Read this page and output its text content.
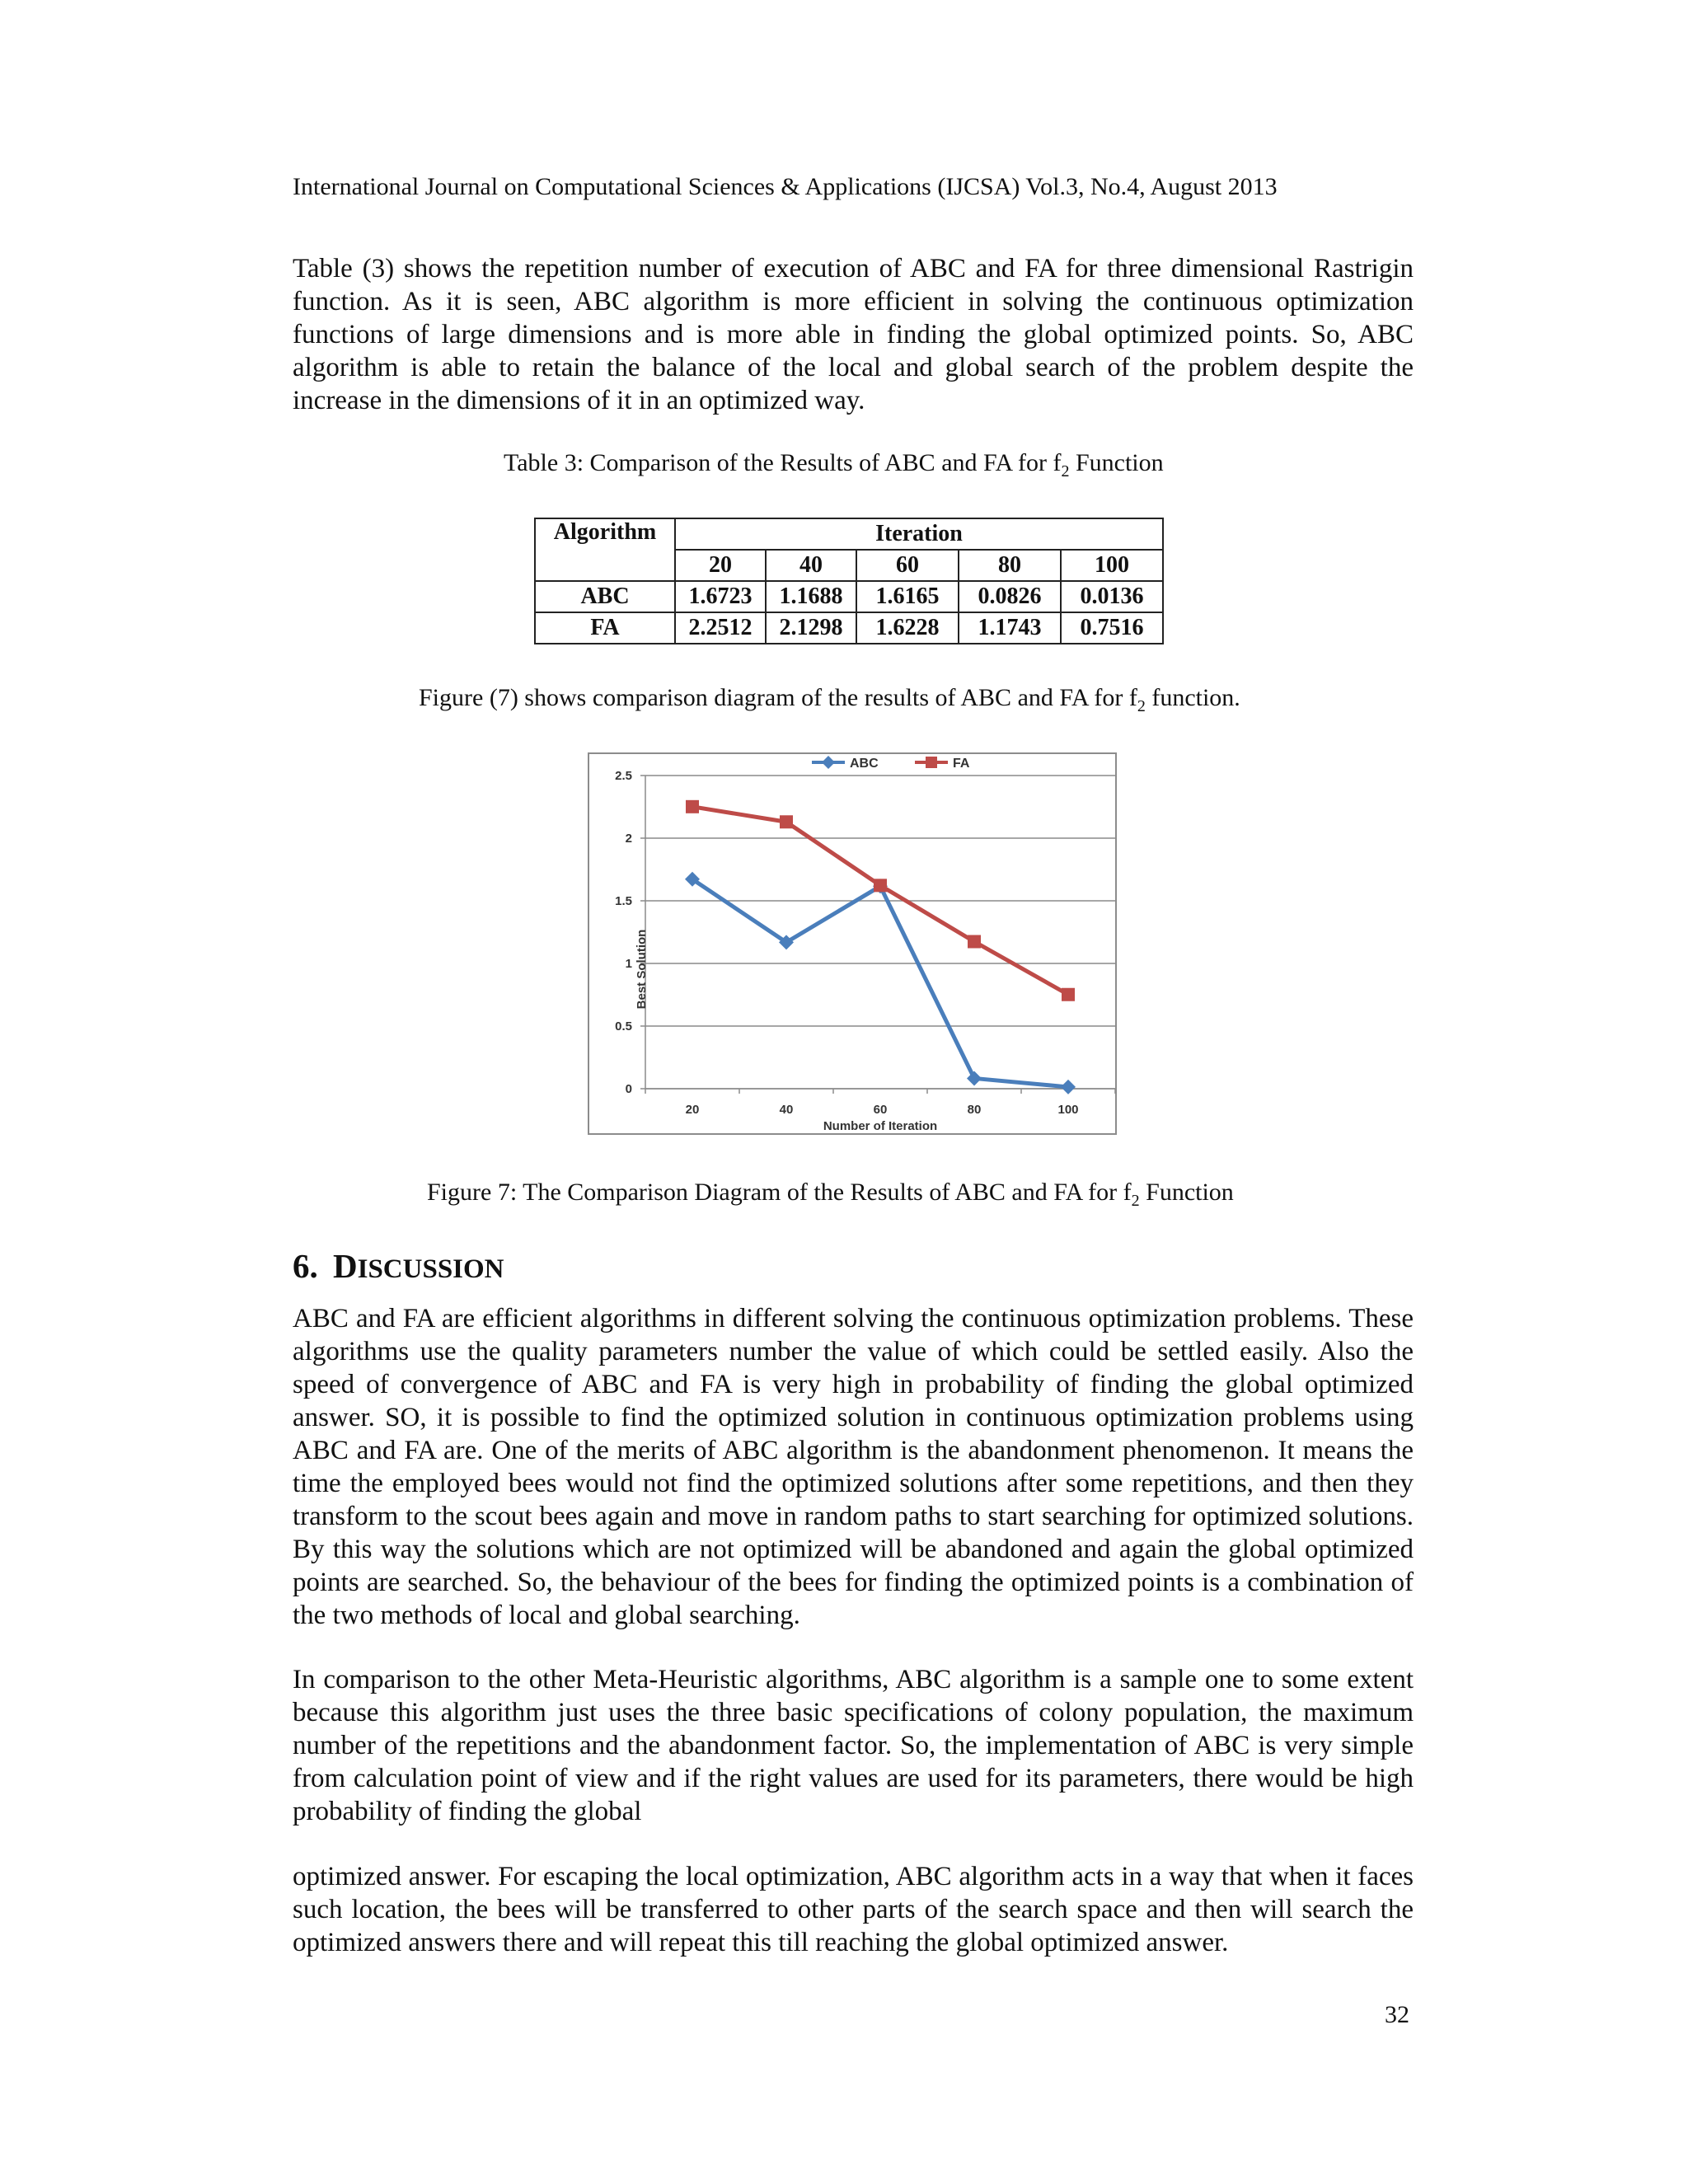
International Journal on Computational Sciences & Applications (IJCSA) Vol.3, No.4, August 2013
Table (3) shows the repetition number of execution of ABC and FA for three dimensional Rastrigin function. As it is seen, ABC algorithm is more efficient in solving the continuous optimization functions of large dimensions and is more able in finding the global optimized points. So, ABC algorithm is able to retain the balance of the local and global search of the problem despite the increase in the dimensions of it in an optimized way.
Table 3: Comparison of the Results of ABC and FA for $f_2$ Function
Algorithm	Iteration				
	20	40	60	80	100
ABC	1.6723	1.1688	1.6165	0.0826	0.0136
FA	2.2512	2.1298	1.6228	1.1743	0.7516
Figure (7) shows comparison diagram of the results of ABC and FA for $f_2$ function.
0
0.5
1
1.5
2
2.5
20	40	60	80	100
Number of Iteration
ABC	FA
Best Solution
Figure 7: The Comparison Diagram of the Results of ABC and FA for $f_2$ Function
6. DISCUSSION
ABC and FA are efficient algorithms in different solving the continuous optimization problems. These algorithms use the quality parameters number the value of which could be settled easily. Also the speed of convergence of ABC and FA is very high in probability of finding the global optimized answer. SO, it is possible to find the optimized solution in continuous optimization problems using ABC and FA are. One of the merits of ABC algorithm is the abandonment phenomenon. It means the time the employed bees would not find the optimized solutions after some repetitions, and then they transform to the scout bees again and move in random paths to start searching for optimized solutions. By this way the solutions which are not optimized will be abandoned and again the global optimized points are searched. So, the behaviour of the bees for finding the optimized points is a combination of the two methods of local and global searching.
In comparison to the other Meta-Heuristic algorithms, ABC algorithm is a sample one to some extent because this algorithm just uses the three basic specifications of colony population, the maximum number of the repetitions and the abandonment factor. So, the implementation of ABC is very simple from calculation point of view and if the right values are used for its parameters, there would be high probability of finding the global
optimized answer. For escaping the local optimization, ABC algorithm acts in a way that when it faces such location, the bees will be transferred to other parts of the search space and then will search the optimized answers there and will repeat this till reaching the global optimized answer.
32
